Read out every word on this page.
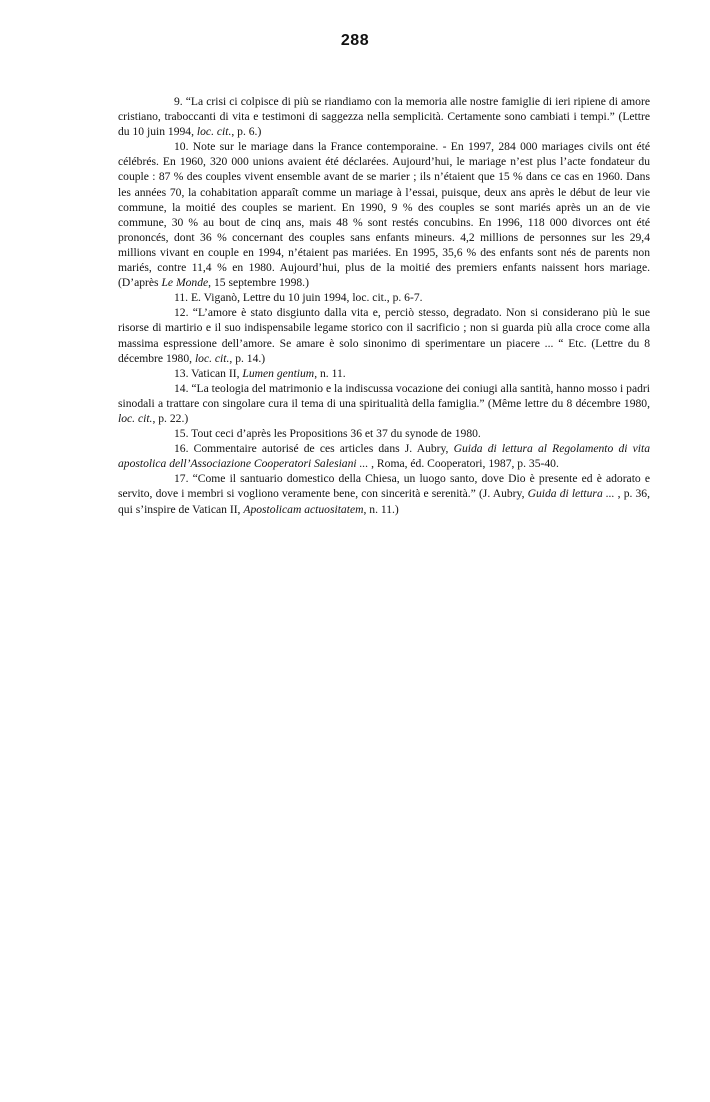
288

9. “La crisi ci colpisce di più se riandiamo con la memoria alle nostre famiglie di ieri ripiene di amore cristiano, traboccanti di vita e testimoni di saggezza nella semplicità. Certamente sono cambiati i tempi.” (Lettre du 10 juin 1994, loc. cit., p. 6.)

10. Note sur le mariage dans la France contemporaine. - En 1997, 284 000 mariages civils ont été célébrés. En 1960, 320 000 unions avaient été déclarées. Aujourd’hui, le mariage n’est plus l’acte fondateur du couple : 87 % des couples vivent ensemble avant de se marier ; ils n’étaient que 15 % dans ce cas en 1960. Dans les années 70, la cohabitation apparaît comme un mariage à l’essai, puisque, deux ans après le début de leur vie commune, la moitié des couples se marient. En 1990, 9 % des couples se sont mariés après un an de vie commune, 30 % au bout de cinq ans, mais 48 % sont restés concubins. En 1996, 118 000 divorces ont été prononcés, dont 36 % concernant des couples sans enfants mineurs. 4,2 millions de personnes sur les 29,4 millions vivant en couple en 1994, n’étaient pas mariées. En 1995, 35,6 % des enfants sont nés de parents non mariés, contre 11,4 % en 1980. Aujourd’hui, plus de la moitié des premiers enfants naissent hors mariage. (D’après Le Monde, 15 septembre 1998.)

11. E. Viganò, Lettre du 10 juin 1994, loc. cit., p. 6-7.

12. “L’amore è stato disgiunto dalla vita e, perciò stesso, degradato. Non si considerano più le sue risorse di martirio e il suo indispensabile legame storico con il sacrificio ; non si guarda più alla croce come alla massima espressione dell’amore. Se amare è solo sinonimo di sperimentare un piacere ... “ Etc. (Lettre du 8 décembre 1980, loc. cit., p. 14.)

13. Vatican II, Lumen gentium, n. 11.

14. “La teologia del matrimonio e la indiscussa vocazione dei coniugi alla santità, hanno mosso i padri sinodali a trattare con singolare cura il tema di una spiritualità della famiglia.” (Même lettre du 8 décembre 1980, loc. cit., p. 22.)

15. Tout ceci d’après les Propositions 36 et 37 du synode de 1980.

16. Commentaire autorisé de ces articles dans J. Aubry, Guida di lettura al Regolamento di vita apostolica dell’Associazione Cooperatori Salesiani ... , Roma, éd. Cooperatori, 1987, p. 35-40.

17. “Come il santuario domestico della Chiesa, un luogo santo, dove Dio è presente ed è adorato e servito, dove i membri si vogliono veramente bene, con sincerità e serenità.” (J. Aubry, Guida di lettura ... , p. 36, qui s’inspire de Vatican II, Apostolicam actuositatem, n. 11.)
